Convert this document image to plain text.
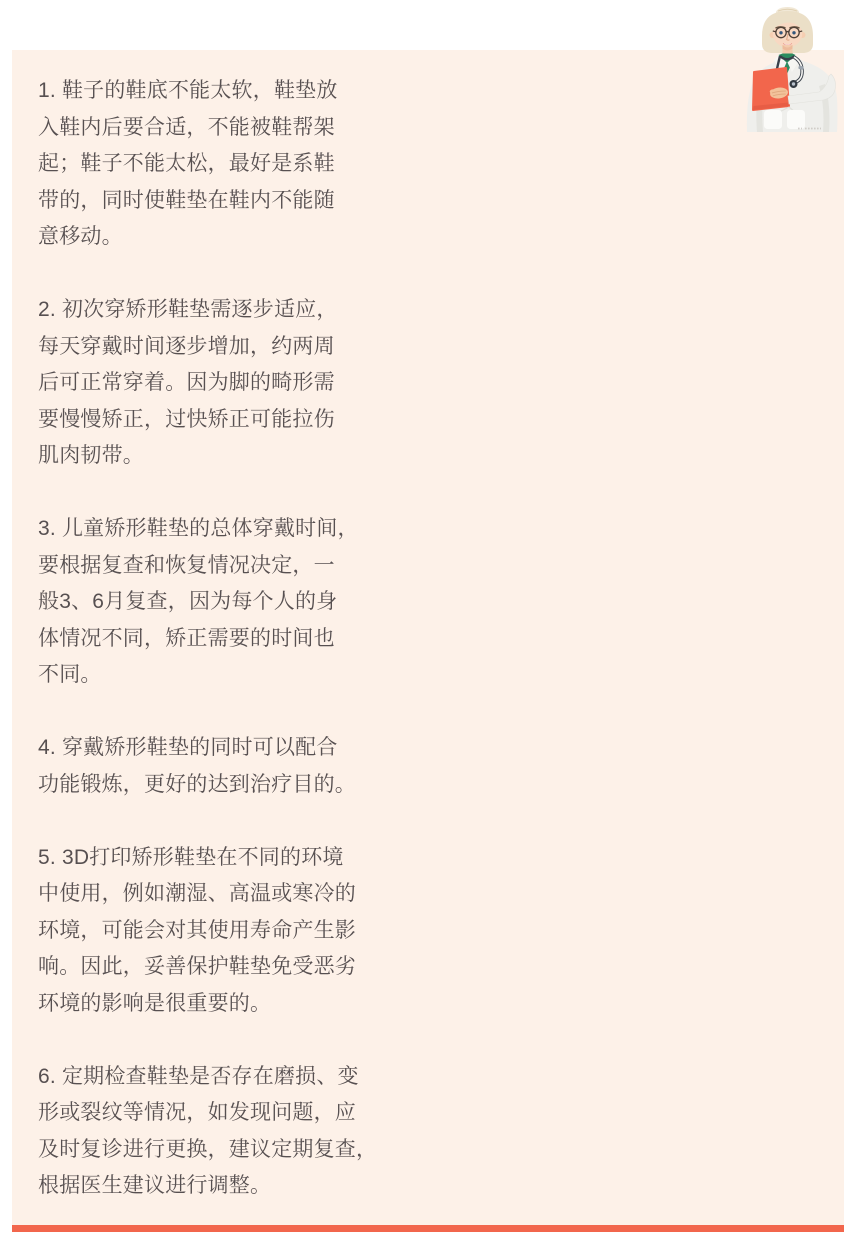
1. 鞋子的鞋底不能太软，鞋垫放
入鞋内后要合适，不能被鞋帮架
起；鞋子不能太松，最好是系鞋
带的，同时使鞋垫在鞋内不能随
意移动。

2. 初次穿矫形鞋垫需逐步适应，
每天穿戴时间逐步增加，约两周
后可正常穿着。因为脚的畸形需
要慢慢矫正，过快矫正可能拉伤
肌肉韧带。

3. 儿童矫形鞋垫的总体穿戴时间，
要根据复查和恢复情况决定，一
般3、6月复查，因为每个人的身
体情况不同，矫正需要的时间也
不同。

4. 穿戴矫形鞋垫的同时可以配合
功能锻炼，更好的达到治疗目的。

5. 3D打印矫形鞋垫在不同的环境
中使用，例如潮湿、高温或寒冷的
环境，可能会对其使用寿命产生影
响。因此，妥善保护鞋垫免受恶劣
环境的影响是很重要的。

6. 定期检查鞋垫是否存在磨损、变
形或裂纹等情况，如发现问题，应
及时复诊进行更换，建议定期复查，
根据医生建议进行调整。
